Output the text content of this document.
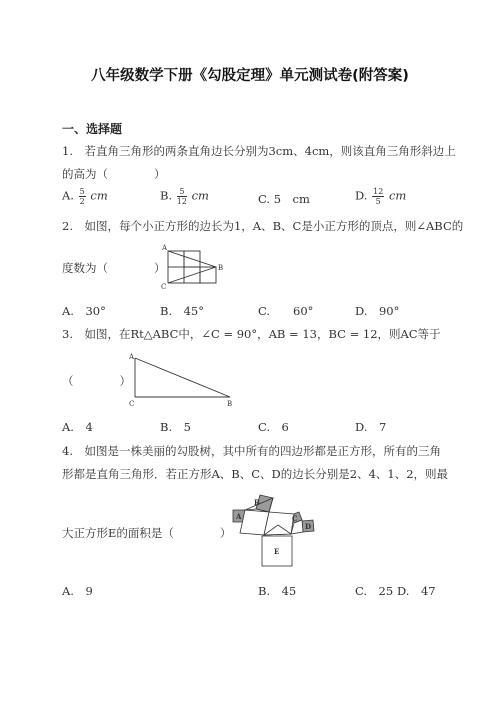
八年级数学下册《勾股定理》单元测试卷(附答案)
一、选择题
1.　若直角三角形的两条直角边长分别为3cm、4cm，则该直角三角形斜边上
的高为（　　　　）
A. $\frac{5}{2}$ cm	B. $\frac{5}{12}$ cm	C. 5　cm	D. $\frac{12}{5}$ cm
2.　如图，每个小正方形的边长为1，A、B、C是小正方形的顶点，则∠ABC的
A
B
C
度数为（　　　　）
A.　30°	B.　45°	C.　　60°	D.　90°
3.　如图，在Rt△ABC中，∠C = 90°，AB = 13，BC = 12，则AC等于
（　　　　）
A
C	B
A.　4	B.　5	C.　6	D.　7
4.　如图是一株美丽的勾股树，其中所有的四边形都是正方形，所有的三角
形都是直角三角形．若正方形A、B、C、D的边长分别是2、4、1、2，则最
大正方形E的面积是（　　　　）
B
A	C
D
E
A.　9	B.　45	C.　25 D.　47
